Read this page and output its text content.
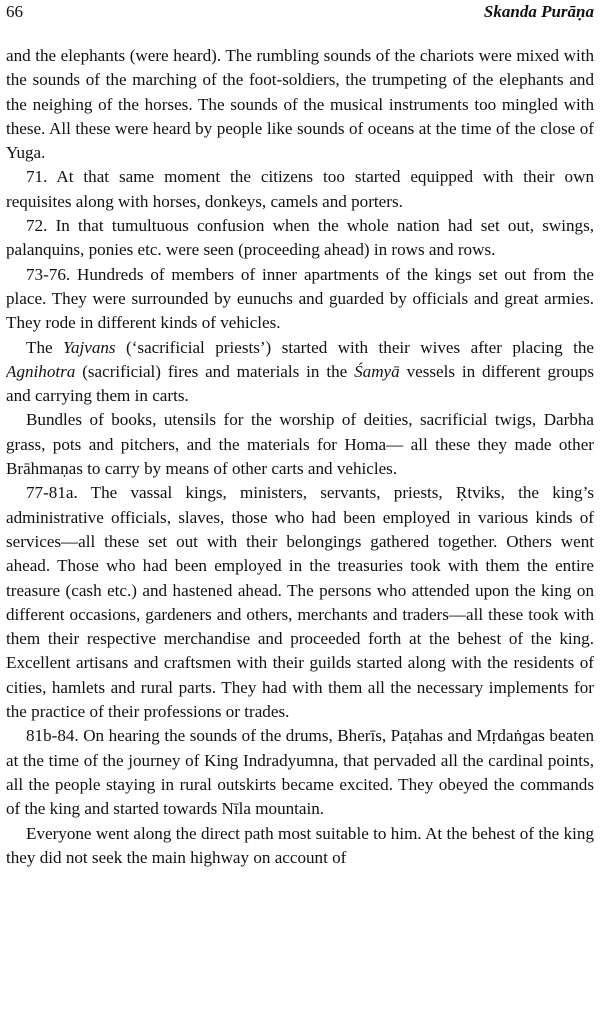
66	Skanda Purāṇa

and the elephants (were heard). The rumbling sounds of the chariots were mixed with the sounds of the marching of the foot-soldiers, the trumpeting of the elephants and the neighing of the horses. The sounds of the musical instruments too mingled with these. All these were heard by people like sounds of oceans at the time of the close of Yuga.

71. At that same moment the citizens too started equipped with their own requisites along with horses, donkeys, camels and porters.

72. In that tumultuous confusion when the whole nation had set out, swings, palanquins, ponies etc. were seen (proceeding ahead) in rows and rows.

73-76. Hundreds of members of inner apartments of the kings set out from the place. They were surrounded by eunuchs and guarded by officials and great armies. They rode in different kinds of vehicles.

The Yajvans (‘sacrificial priests’) started with their wives after placing the Agnihotra (sacrificial) fires and materials in the Śamyā vessels in different groups and carrying them in carts.

Bundles of books, utensils for the worship of deities, sacrificial twigs, Darbha grass, pots and pitchers, and the materials for Homa— all these they made other Brāhmaṇas to carry by means of other carts and vehicles.

77-81a. The vassal kings, ministers, servants, priests, Ṛtviks, the king’s administrative officials, slaves, those who had been employed in various kinds of services—all these set out with their belongings gathered together. Others went ahead. Those who had been employed in the treasuries took with them the entire treasure (cash etc.) and hastened ahead. The persons who attended upon the king on different occasions, gardeners and others, merchants and traders—all these took with them their respective merchandise and proceeded forth at the behest of the king. Excellent artisans and craftsmen with their guilds started along with the residents of cities, hamlets and rural parts. They had with them all the necessary implements for the practice of their professions or trades.

81b-84. On hearing the sounds of the drums, Bherīs, Paṭahas and Mṛdaṅgas beaten at the time of the journey of King Indradyumna, that pervaded all the cardinal points, all the people staying in rural outskirts became excited. They obeyed the commands of the king and started towards Nīla mountain.

Everyone went along the direct path most suitable to him. At the behest of the king they did not seek the main highway on account of
